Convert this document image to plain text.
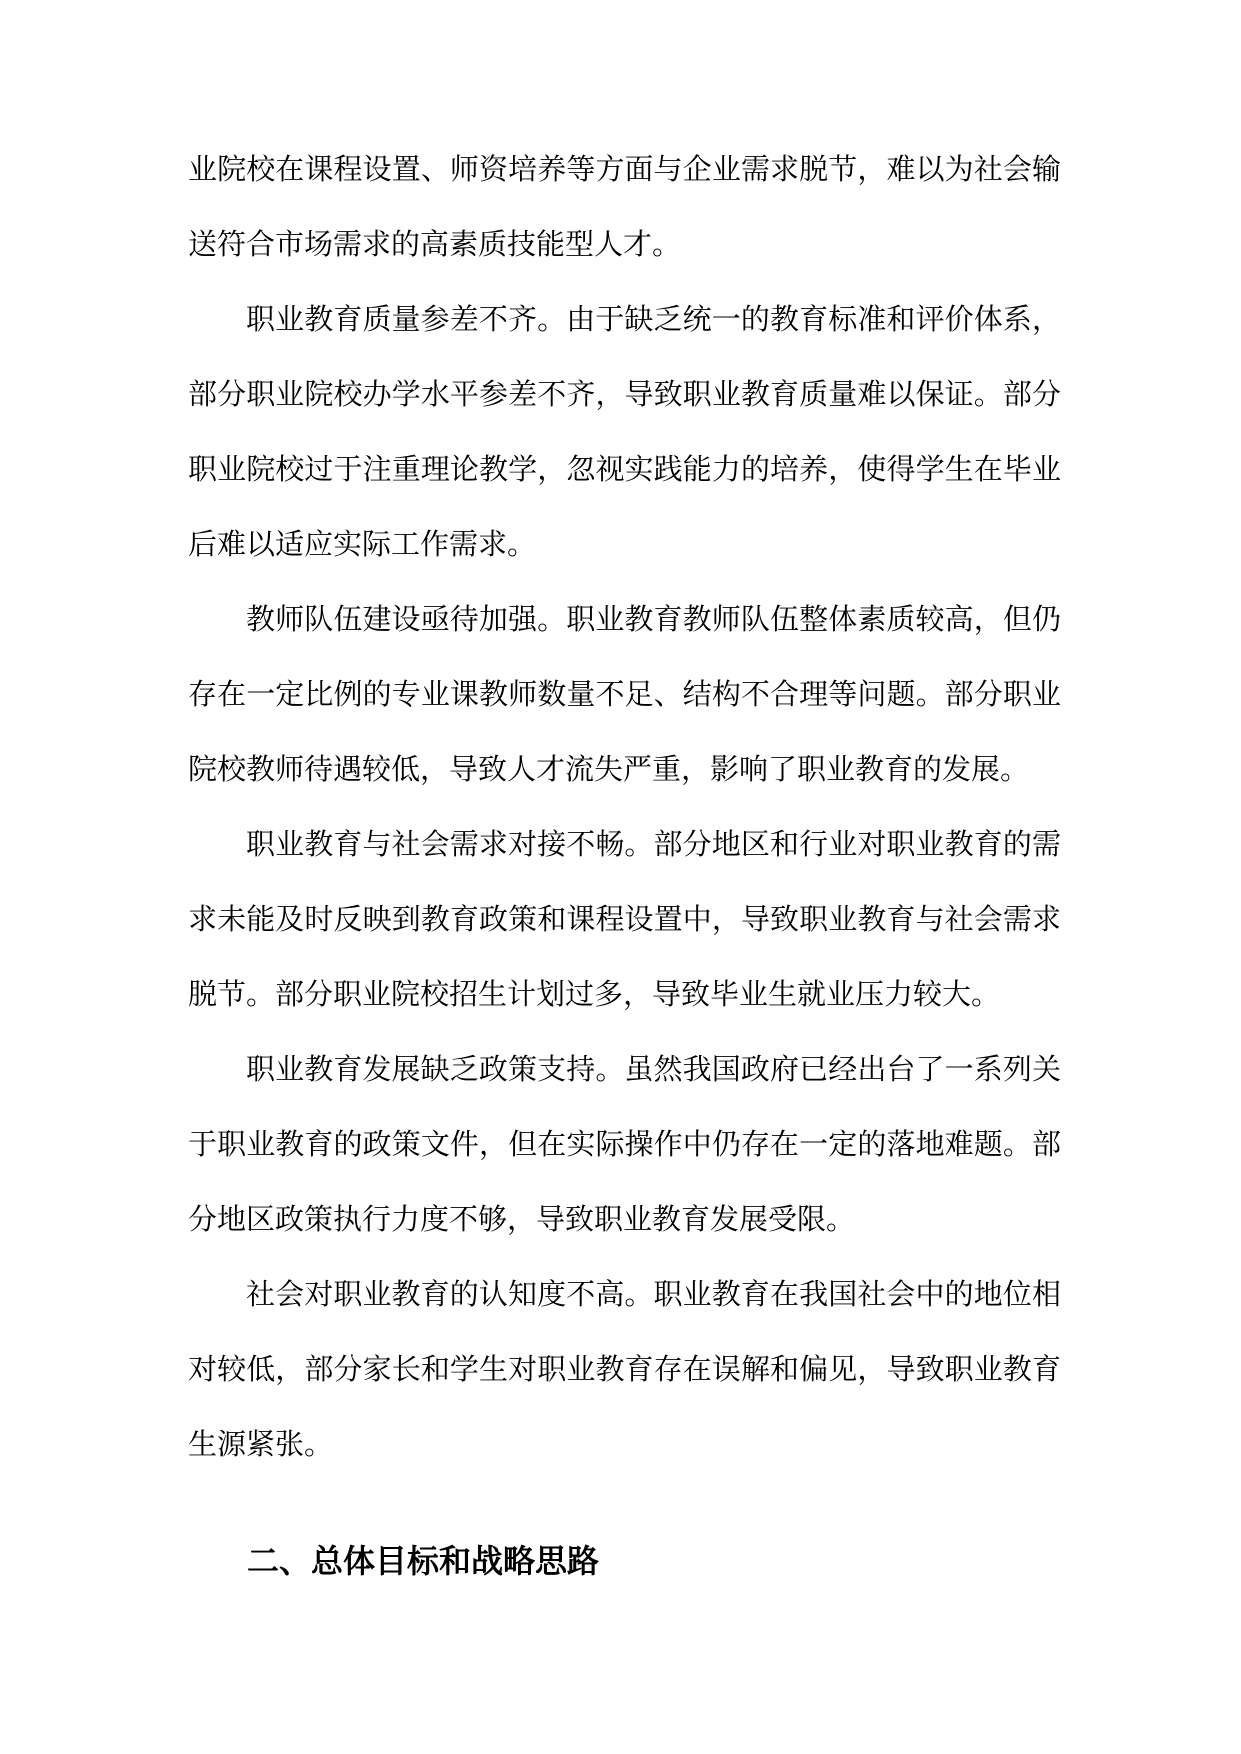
业院校在课程设置、师资培养等方面与企业需求脱节，难以为社会输
送符合市场需求的高素质技能型人才。
职业教育质量参差不齐。由于缺乏统一的教育标准和评价体系，
部分职业院校办学水平参差不齐，导致职业教育质量难以保证。部分
职业院校过于注重理论教学，忽视实践能力的培养，使得学生在毕业
后难以适应实际工作需求。
教师队伍建设亟待加强。职业教育教师队伍整体素质较高，但仍
存在一定比例的专业课教师数量不足、结构不合理等问题。部分职业
院校教师待遇较低，导致人才流失严重，影响了职业教育的发展。
职业教育与社会需求对接不畅。部分地区和行业对职业教育的需
求未能及时反映到教育政策和课程设置中，导致职业教育与社会需求
脱节。部分职业院校招生计划过多，导致毕业生就业压力较大。
职业教育发展缺乏政策支持。虽然我国政府已经出台了一系列关
于职业教育的政策文件，但在实际操作中仍存在一定的落地难题。部
分地区政策执行力度不够，导致职业教育发展受限。
社会对职业教育的认知度不高。职业教育在我国社会中的地位相
对较低，部分家长和学生对职业教育存在误解和偏见，导致职业教育
生源紧张。
二、总体目标和战略思路
